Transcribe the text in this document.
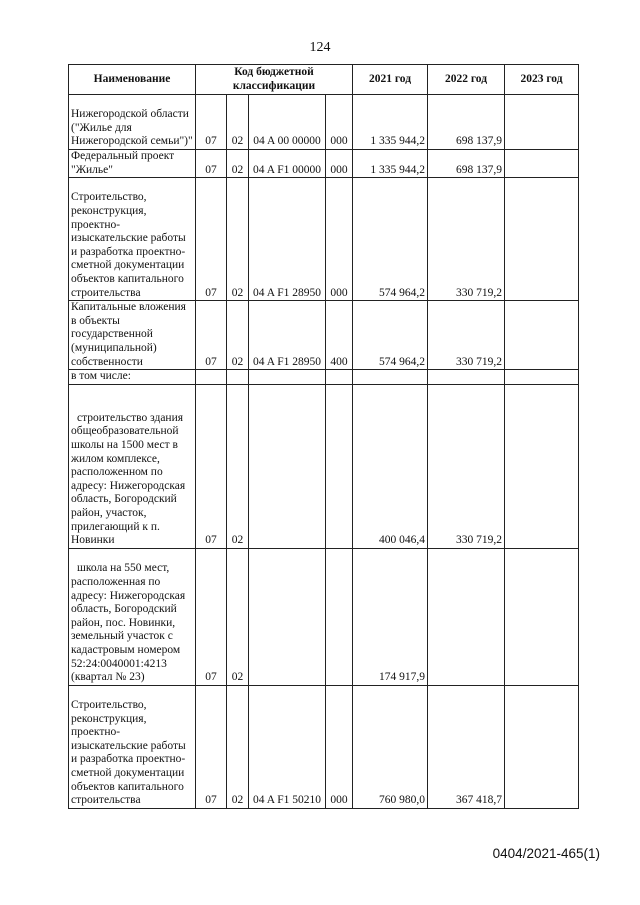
124
Наименование	Код бюджетной классификации				2021 год	2022 год	2023 год
Нижегородской области ("Жилье для Нижегородской семьи")"	07	02	04 A 00 00000	000	1 335 944,2	698 137,9	
Федеральный проект "Жилье"	07	02	04 A F1 00000	000	1 335 944,2	698 137,9	
Строительство, реконструкция, проектно-изыскательские работы и разработка проектно-сметной документации объектов капитального строительства	07	02	04 A F1 28950	000	574 964,2	330 719,2	
Капитальные вложения в объекты государственной (муниципальной) собственности	07	02	04 A F1 28950	400	574 964,2	330 719,2	
в том числе:							
строительство здания общеобразовательной школы на 1500 мест в жилом комплексе, расположенном по адресу: Нижегородская область, Богородский район, участок, прилегающий к п. Новинки	07	02			400 046,4	330 719,2	
школа на 550 мест, расположенная по адресу: Нижегородская область, Богородский район, пос. Новинки, земельный участок с кадастровым номером 52:24:0040001:4213 (квартал № 23)	07	02			174 917,9		
Строительство, реконструкция, проектно-изыскательские работы и разработка проектно-сметной документации объектов капитального строительства	07	02	04 A F1 50210	000	760 980,0	367 418,7	
0404/2021-465(1)
